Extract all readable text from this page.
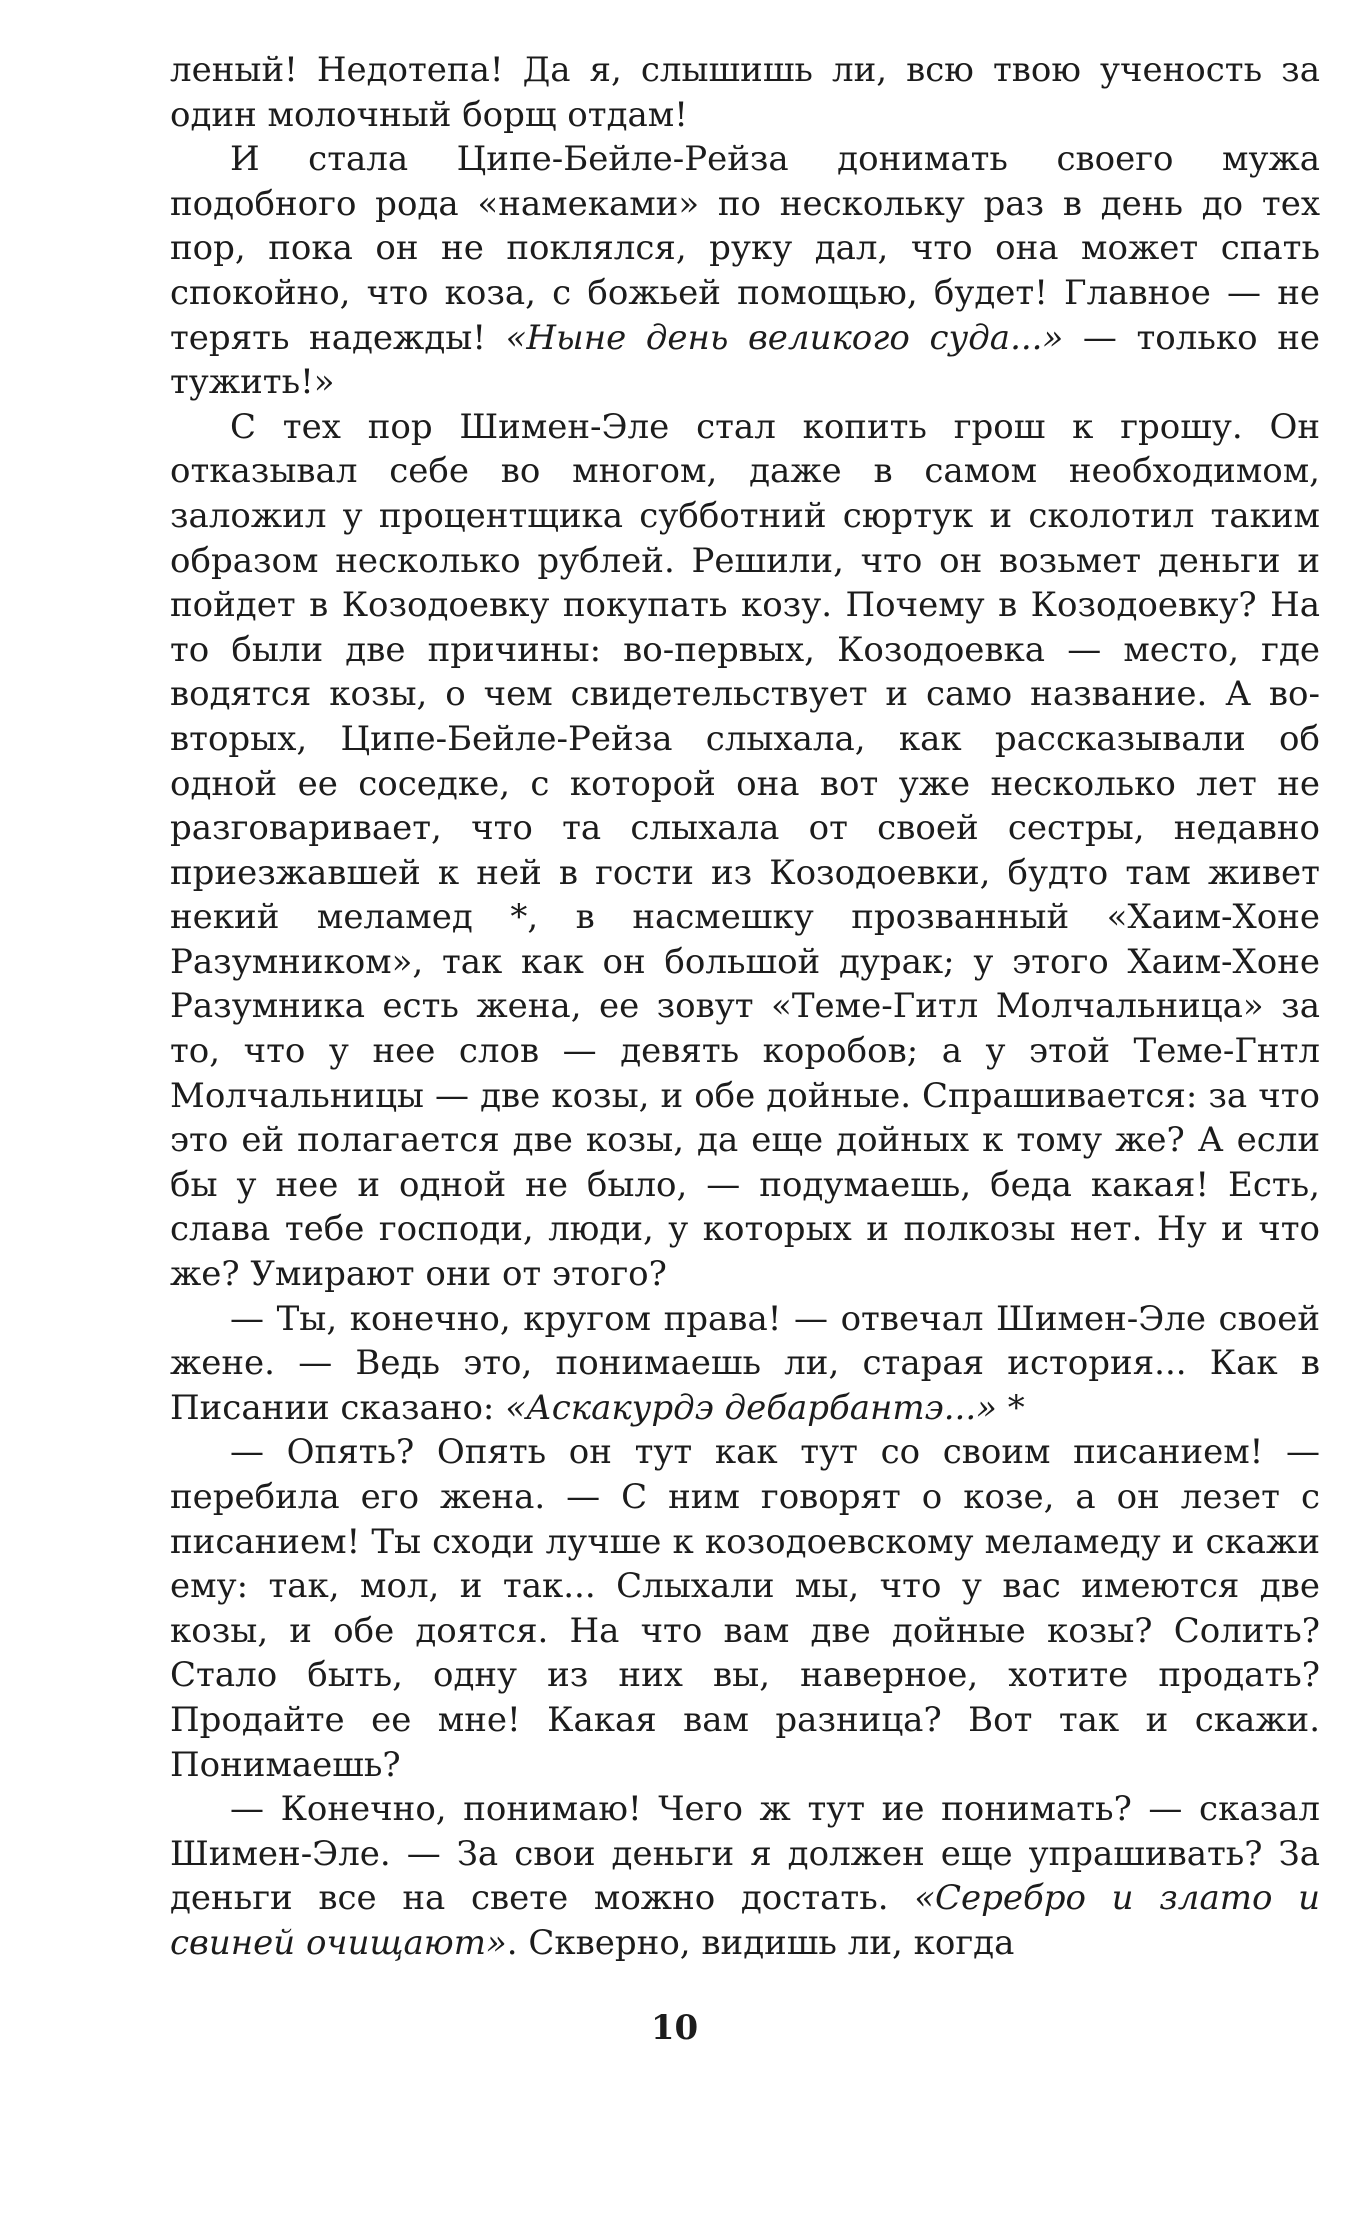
леный! Недотепа! Да я, слышишь ли, всю твою ученость за один молочный борщ отдам!

И стала Ципе-Бейле-Рейза донимать своего мужа подобного рода «намеками» по нескольку раз в день до тех пор, пока он не поклялся, руку дал, что она может спать спокойно, что коза, с божьей помощью, будет! Главное — не терять надежды! «Ныне день великого суда...» — только не тужить!»

С тех пор Шимен-Эле стал копить грош к грошу. Он отказывал себе во многом, даже в самом необходимом, заложил у процентщика субботний сюртук и сколотил таким образом несколько рублей. Решили, что он возьмет деньги и пойдет в Козодоевку покупать козу. Почему в Козодоевку? На то были две причины: во-первых, Козодоевка — место, где водятся козы, о чем свидетельствует и само название. А во-вторых, Ципе-Бейле-Рейза слыхала, как рассказывали об одной ее соседке, с которой она вот уже несколько лет не разговаривает, что та слыхала от своей сестры, недавно приезжавшей к ней в гости из Козодоевки, будто там живет некий меламед *, в насмешку прозванный «Хаим-Хоне Разумником», так как он большой дурак; у этого Хаим-Хоне Разумника есть жена, ее зовут «Теме-Гитл Молчальница» за то, что у нее слов — девять коробов; а у этой Теме-Гнтл Молчальницы — две козы, и обе дойные. Спрашивается: за что это ей полагается две козы, да еще дойных к тому же? А если бы у нее и одной не было, — подумаешь, беда какая! Есть, слава тебе господи, люди, у которых и полкозы нет. Ну и что же? Умирают они от этого?

— Ты, конечно, кругом права! — отвечал Шимен-Эле своей жене. — Ведь это, понимаешь ли, старая история... Как в Писании сказано: «Аскакурдэ дебарбантэ...» *

— Опять? Опять он тут как тут со своим писанием! — перебила его жена. — С ним говорят о козе, а он лезет с писанием! Ты сходи лучше к козодоевскому меламеду и скажи ему: так, мол, и так... Слыхали мы, что у вас имеются две козы, и обе доятся. На что вам две дойные козы? Солить? Стало быть, одну из них вы, наверное, хотите продать? Продайте ее мне! Какая вам разница? Вот так и скажи. Понимаешь?

— Конечно, понимаю! Чего ж тут ие понимать? — сказал Шимен-Эле. — За свои деньги я должен еще упрашивать? За деньги все на свете можно достать. «Серебро и злато и свиней очищают». Скверно, видишь ли, когда

10
